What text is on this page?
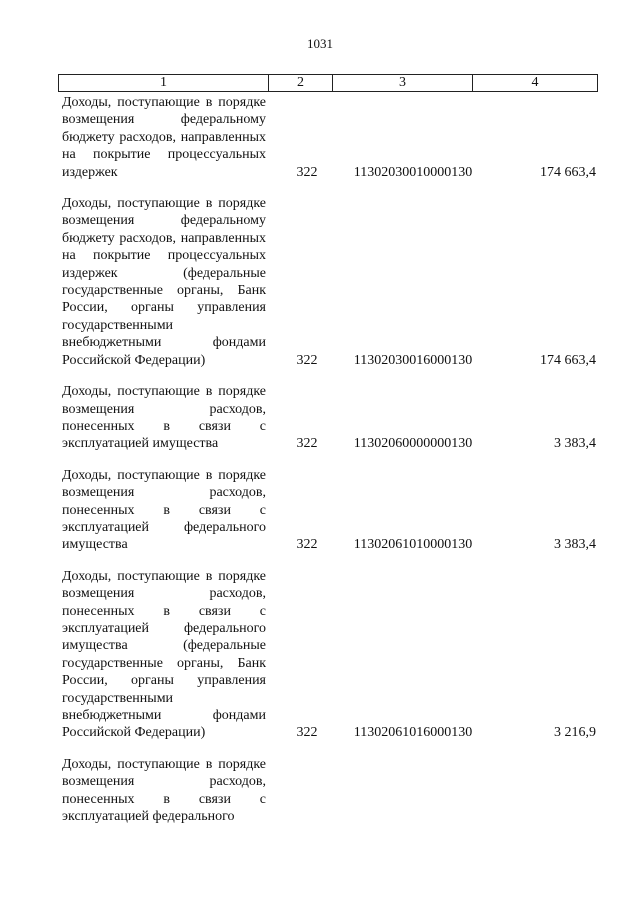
1031
1	2	3	4
Доходы, поступающие в порядке возмещения федеральному бюджету расходов, направленных на покрытие процессуальных издержек	322	11302030010000130	174 663,4
Доходы, поступающие в порядке возмещения федеральному бюджету расходов, направленных на покрытие процессуальных издержек (федеральные государственные органы, Банк России, органы управления государственными внебюджетными фондами Российской Федерации)	322	11302030016000130	174 663,4
Доходы, поступающие в порядке возмещения расходов, понесенных в связи с эксплуатацией имущества	322	11302060000000130	3 383,4
Доходы, поступающие в порядке возмещения расходов, понесенных в связи с эксплуатацией федерального имущества	322	11302061010000130	3 383,4
Доходы, поступающие в порядке возмещения расходов, понесенных в связи с эксплуатацией федерального имущества (федеральные государственные органы, Банк России, органы управления государственными внебюджетными фондами Российской Федерации)	322	11302061016000130	3 216,9
Доходы, поступающие в порядке возмещения расходов, понесенных в связи с эксплуатацией федерального
